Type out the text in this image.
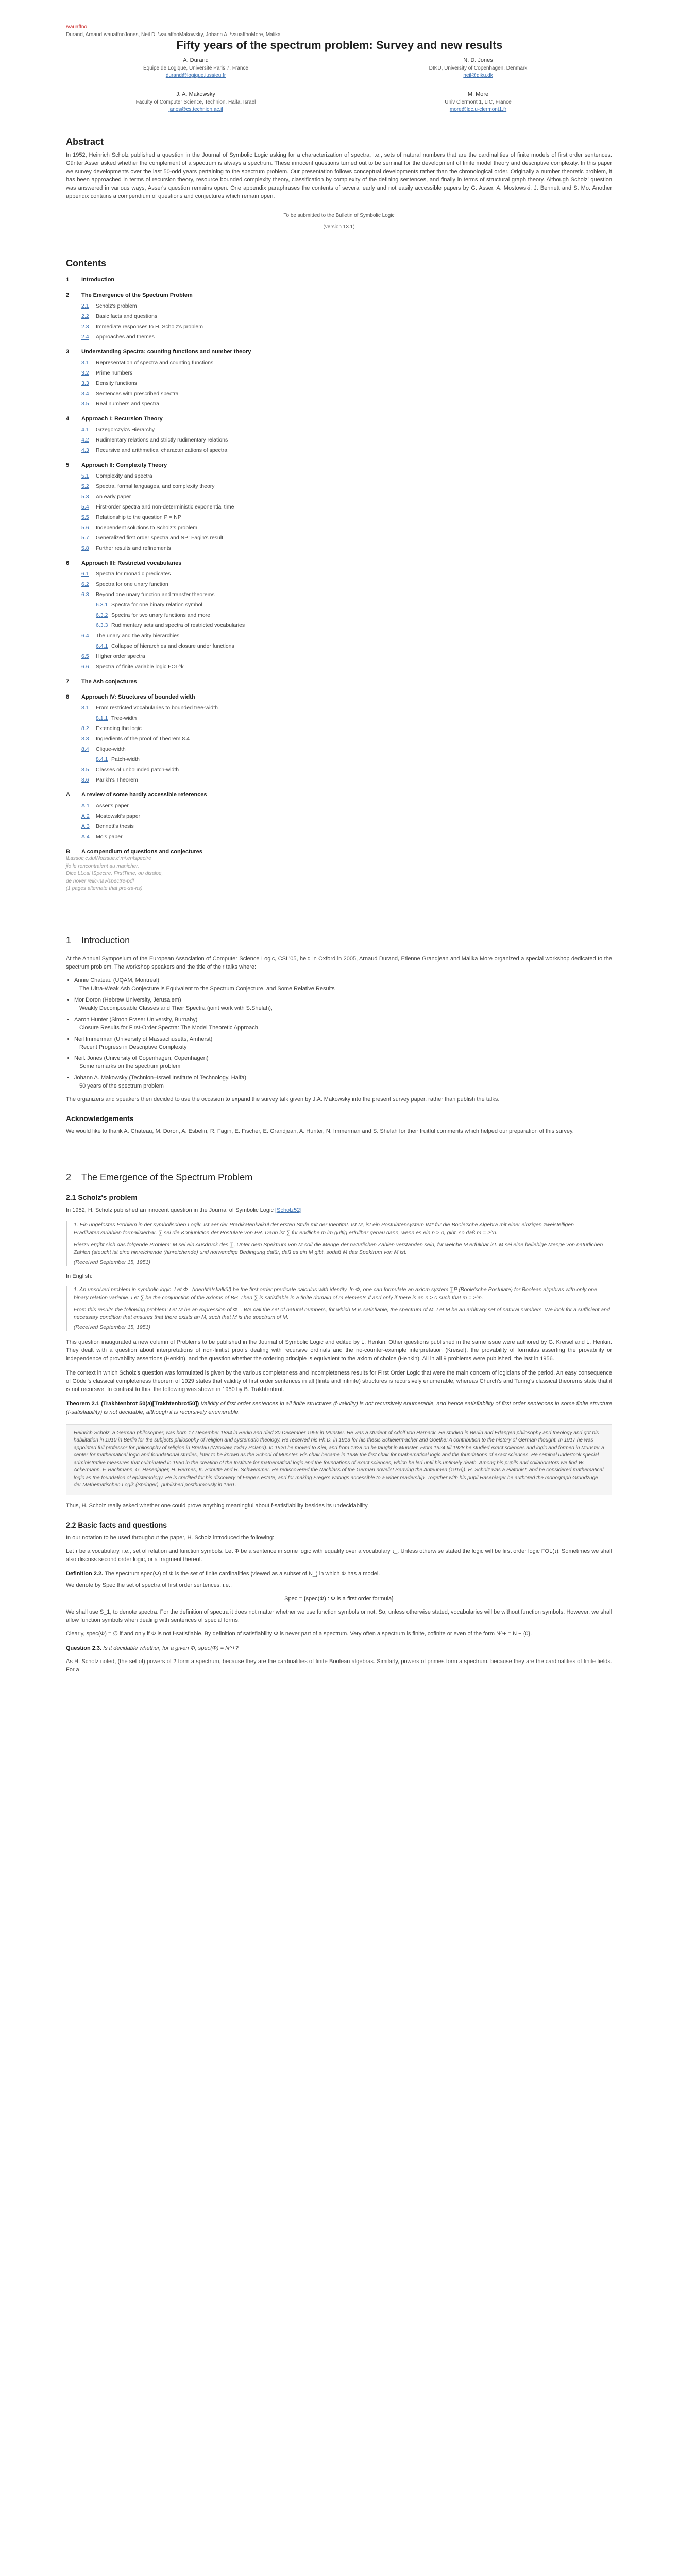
\vauaffno
Durand, Arnaud \vauaffnoJones, Neil D. \vauaffnoMakowsky, Johann A. \vauaffnoMore, Malika
Fifty years of the spectrum problem: Survey and new results
A. Durand
Équipe de Logique, Université Paris 7, France
durand@logique.jussieu.fr
N. D. Jones
DIKU, University of Copenhagen, Denmark
neil@diku.dk
J. A. Makowsky
Faculty of Computer Science, Technion, Haifa, Israel
janos@cs.technion.ac.il
M. More
Univ Clermont 1, LIC, France
more@ldc.u-clermont1.fr
Abstract

In 1952, Heinrich Scholz published a question in the Journal of Symbolic Logic asking for a characterization of spectra, i.e., sets of natural numbers that are the cardinalities of finite models of first order sentences. Günter Asser asked whether the complement of a spectrum is always a spectrum. These innocent questions turned out to be seminal for the development of finite model theory and descriptive complexity. In this paper we survey developments over the last 50-odd years pertaining to the spectrum problem. Our presentation follows conceptual developments rather than the chronological order. Originally a number theoretic problem, it has been approached in terms of recursion theory, resource bounded complexity theory, classification by complexity of the defining sentences, and finally in terms of structural graph theory. Although Scholz' question was answered in various ways, Asser's question remains open. One appendix paraphrases the contents of several early and not easily accessible papers by G. Asser, A. Mostowski, J. Bennett and S. Mo. Another appendix contains a compendium of questions and conjectures which remain open.

To be submitted to the Bulletin of Symbolic Logic
(version 13.1)
Contents
1	Introduction
2	The Emergence of the Spectrum Problem
2.1	Scholz's problem
2.2	Basic facts and questions
2.3	Immediate responses to H. Scholz's problem
2.4	Approaches and themes
3	Understanding Spectra: counting functions and number theory
3.1	Representation of spectra and counting functions
3.2	Prime numbers
3.3	Density functions
3.4	Sentences with prescribed spectra
3.5	Real numbers and spectra
4	Approach I: Recursion Theory
4.1	Grzegorczyk's Hierarchy
4.2	Rudimentary relations and strictly rudimentary relations
4.3	Recursive and arithmetical characterizations of spectra
5	Approach II: Complexity Theory
5.1	Complexity and spectra
5.2	Spectra, formal languages, and complexity theory
5.3	An early paper
5.4	First-order spectra and non-deterministic exponential time
5.5	Relationship to the question P = NP
5.6	Independent solutions to Scholz's problem
5.7	Generalized first order spectra and NP: Fagin's result
5.8	Further results and refinements
6	Approach III: Restricted vocabularies
6.1	Spectra for monadic predicates
6.2	Spectra for one unary function
6.3	Beyond one unary function and transfer theorems
6.3.1 Spectra for one binary relation symbol
6.3.2 Spectra for two unary functions and more
6.3.3 Rudimentary sets and spectra of restricted vocabularies
6.4	The unary and the arity hierarchies
6.4.1 Collapse of hierarchies and closure under functions
6.5	Higher order spectra
6.6	Spectra of finite variable logic FOL^k
7	The Ash conjectures
8	Approach IV: Structures of bounded width
8.1	From restricted vocabularies to bounded tree-width
8.1.1 Tree-width
8.2	Extending the logic
8.3	Ingredients of the proof of Theorem 8.4
8.4	Clique-width
8.4.1 Patch-width
8.5	Classes of unbounded patch-width
8.6	Parikh's Theorem
A	A review of some hardly accessible references
A.1	Asser's paper
A.2	Mostowski's paper
A.3	Bennett's thesis
A.4	Mo's paper
B	A compendium of questions and conjectures
\Lassoc,c,du\Noissue,c\mi,en\spectre
jio le rencontraient au manicher.
Dice LLoai \Spectre, FirstTime, ou disaloe,
de nover relic-nav/spectre-pdf
(1 pages alternate that pre-sa-ns)
1 Introduction

At the Annual Symposium of the European Association of Computer Science Logic, CSL'05, held in Oxford in 2005, Arnaud Durand, Etienne Grandjean and Malika More organized a special workshop dedicated to the spectrum problem. The workshop speakers and the title of their talks where:

• Annie Chateau (UQAM, Montréal)
The Ultra-Weak Ash Conjecture is Equivalent to the Spectrum Conjecture, and Some Relative Results
• Mor Doron (Hebrew University, Jerusalem)
Weakly Decomposable Classes and Their Spectra (joint work with S.Shelah),
• Aaron Hunter (Simon Fraser University, Burnaby)
Closure Results for First-Order Spectra: The Model Theoretic Approach
• Neil Immerman (University of Massachusetts, Amherst)
Recent Progress in Descriptive Complexity
• Neil. Jones (University of Copenhagen, Copenhagen)
Some remarks on the spectrum problem
• Johann A. Makowsky (Technion–Israel Institute of Technology, Haifa)
50 years of the spectrum problem

The organizers and speakers then decided to use the occasion to expand the survey talk given by J.A. Makowsky into the present survey paper, rather than publish the talks.

Acknowledgements

We would like to thank A. Chateau, M. Doron, A. Esbelin, R. Fagin, E. Fischer, E. Grandjean, A. Hunter, N. Immerman and S. Shelah for their fruitful comments which helped our preparation of this survey.

2 The Emergence of the Spectrum Problem
2.1 Scholz's problem

In 1952, H. Scholz published an innocent question in the Journal of Symbolic Logic [Scholz52]

1. Ein ungelöstes Problem in der symbolischen Logik. Ist aer der Prädikatenkalkül der ersten Stufe mit der Identität. Ist M, ist ein Postulatensystem IM* für die Boole'sche Algebra mit einer einzigen zweistelligen Prädikatenvariablen formalisierbar. ∑ sei die Konjunktion der Postulate von PR. Dann ist ∑ für endliche m im gültig erfüllbar genau dann, wenn es ein n > 0, gibt, so daß m = 2^n.

Hierzu ergibt sich das folgende Problem: M sei ein Ausdruck des ∑, Unter dem Spektrum von M soll die Menge der natürlichen Zahlen verstanden sein, für welche M erfüllbar ist. M sei eine beliebige Menge von natürlichen Zahlen (steucht ist eine hinreichende (hinreichende) und notwendige Bedingung dafür, daß es ein M gibt, sodaß M das Spektrum von M ist.

(Received September 15, 1951)

In English:

1. An unsolved problem in symbolic logic. Let Φ_ (identitätskalkül) be the first order predicate calculus with identity. In Φ, one can formulate an axiom system ∑P (Boole'sche Postulate) for Boolean algebras with only one binary relation variable. Let ∑ be the conjunction of the axioms of BP. Then ∑ is satisfiable in a finite domain of m elements if and only if there is an n > 0 such that m = 2^n.

From this results the following problem: Let M be an expression of Φ_. We call the set of natural numbers, for which M is satisfiable, the spectrum of M. Let M be an arbitrary set of natural numbers. We look for a sufficient and necessary condition that ensures that there exists an M, such that M is the spectrum of M.

(Received September 15, 1951)

This question inaugurated a new column of Problems to be published in the Journal of Symbolic Logic and edited by L. Henkin. Other questions published in the same issue were authored by G. Kreisel and L. Henkin. They dealt with a question about interpretations of non-finitist proofs dealing with recursive ordinals and the no-counter-example interpretation (Kreisel), the provability of formulas asserting the provability or independence of provability assertions (Henkin), and the question whether the ordering principle is equivalent to the axiom of choice (Henkin). All in all 9 problems were published, the last in 1956.

The context in which Scholz's question was formulated is given by the various completeness and incompleteness results for First Order Logic that were the main concern of logicians of the period. An easy consequence of Gödel's classical completeness theorem of 1929 states that validity of first order sentences in all (finite and infinite) structures is recursively enumerable, whereas Church's and Turing's classical theorems state that it is not recursive. In contrast to this, the following was shown in 1950 by B. Trakhtenbrot.

Theorem 2.1 (Trakhtenbrot 50(a)[Trakhtenbrot50]) Validity of first order sentences in all finite structures (f-validity) is not recursively enumerable, and hence satisfiability of first order sentences in some finite structure (f-satisfiability) is not decidable, although it is recursively enumerable.

Heinrich Scholz, a German philosopher, was born 17 December 1884 in Berlin and died 30 December 1956 in Münster. He was a student of Adolf von Harnack. He studied in Berlin and Erlangen philosophy and theology and got his habilitation in 1910 in Berlin for the subjects philosophy of religion and systematic theology. He received his Ph.D. in 1913 for his thesis Schleiermacher and Goethe: A contribution to the history of German thought. In 1917 he was appointed full professor for philosophy of religion in Breslau (Wrocław, today Poland). In 1920 he moved to Kiel, and from 1928 on he taught in Münster. From 1924 till 1928 he studied exact sciences and logic and formed in Münster a center for mathematical logic and foundational studies, later to be known as the School of Münster. His chair became in 1936 the first chair for mathematical logic and the foundations of exact sciences. He seminal undertook special administrative measures that culminated in 1950 in the creation of the Institute for mathematical logic and the foundations of exact sciences, which he led until his untimely death. Among his pupils and collaborators we find W. Ackermann, F. Bachmann, G. Hasenjäger, H. Hermes, K. Schütte and H. Schwemmer. He rediscovered the Nachlass of the German novelist Sanving the Anteumen (1916)). H. Scholz was a Platonist, and he considered mathematical logic as the foundation of epistemology. He is credited for his discovery of Frege's estate, and for making Frege's writings accessible to a wider readership. Together with his pupil Hasenjäger he authored the monograph Grundzüge der Mathematischen Logik (Springer), published posthumously in 1961.

Thus, H. Scholz really asked whether one could prove anything meaningful about f-satisfiability besides its undecidability.

2.2 Basic facts and questions

In our notation to be used throughout the paper, H. Scholz introduced the following:

Let τ be a vocabulary, i.e., set of relation and function symbols. Let Φ be a sentence in some logic with equality over a vocabulary τ_. Unless otherwise stated the logic will be first order logic FOL(τ). Sometimes we shall also discuss second order logic, or a fragment thereof.

Definition 2.2. The spectrum spec(Φ) of Φ is the set of finite cardinalities (viewed as a subset of N_) in which Φ has a model.

We denote by Spec the set of spectra of first order sentences, i.e.,

Spec = {spec(Φ) : Φ is a first order formula}

We shall use S_1, to denote spectra. For the definition of spectra it does not matter whether we use function symbols or not. So, unless otherwise stated, vocabularies will be without function symbols. However, we shall allow function symbols when dealing with sentences of special forms.

Clearly, spec(Φ) = ∅ if and only if Φ is not f-satisfiable. By definition of satisfiability Φ is never part of a spectrum. Very often a spectrum is finite, cofinite or even of the form N^+ = N − {0}.

Question 2.3. Is it decidable whether, for a given Φ, spec(Φ) = N^+?

As H. Scholz noted, (the set of) powers of 2 form a spectrum, because they are the cardinalities of finite Boolean algebras. Similarly, powers of primes form a spectrum, because they are the cardinalities of finite fields. For a
